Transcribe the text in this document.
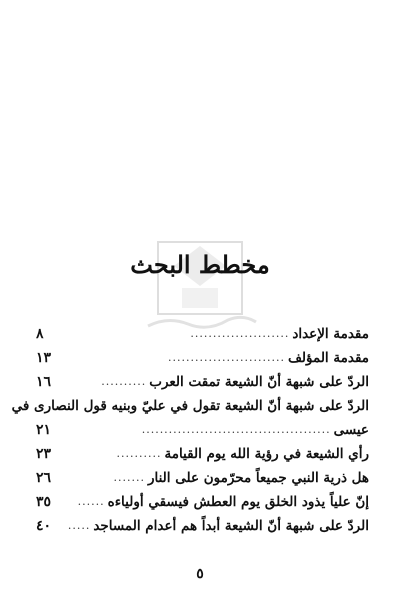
مخطط البحث
مقدمة الإعداد
......................
٨
مقدمة المؤلف
..........................
١٣
الردّ على شبهة أنّ الشيعة تمقت العرب
..........
١٦
الردّ على شبهة أنّ الشيعة تقول في عليّ وبنيه قول النصارى في
عيسى
..........................................
٢١
رأي الشيعة في رؤية الله يوم القيامة
..........
٢٣
هل ذرية النبي جميعاً محرّمون على النار
.......
٢٦
إنّ علياً يذود الخلق يوم العطش فيسقي أولياءه
......
٣٥
الردّ على شبهة أنّ الشيعة أبداً هم أعدام المساجد
.....
٤٠
٥
